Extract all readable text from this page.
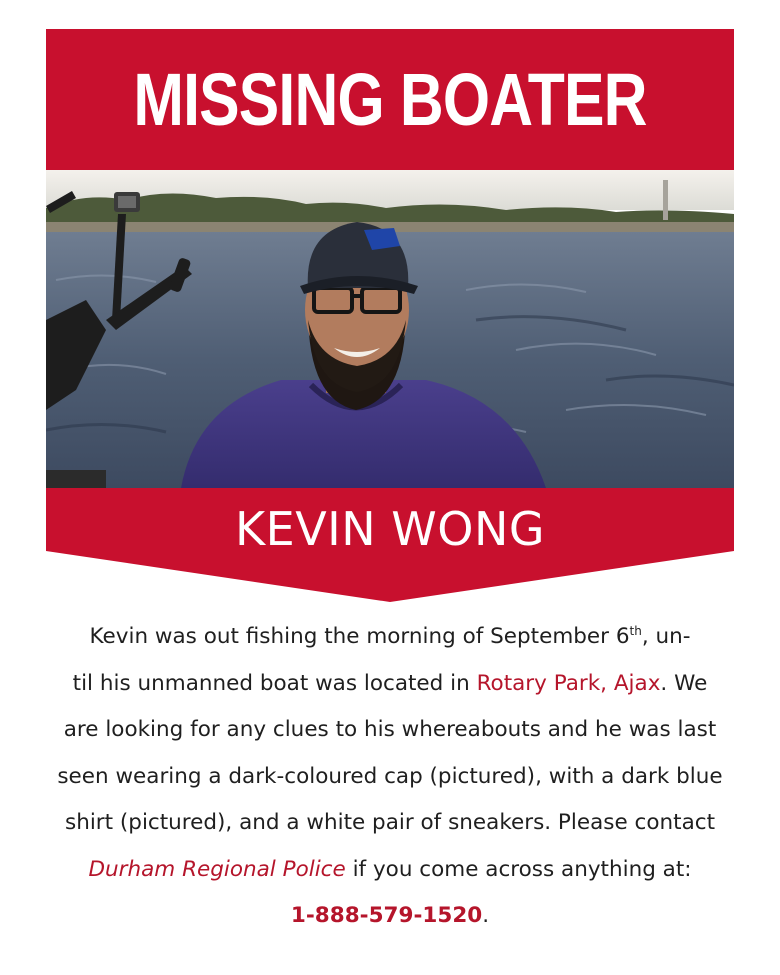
MISSING BOATER
KEVIN WONG
Kevin was out fishing the morning of September 6th, un-
til his unmanned boat was located in Rotary Park, Ajax. We
are looking for any clues to his whereabouts and he was last
seen wearing a dark-coloured cap (pictured), with a dark blue
shirt (pictured), and a white pair of sneakers. Please contact
Durham Regional Police if you come across anything at:
1-888-579-1520.
